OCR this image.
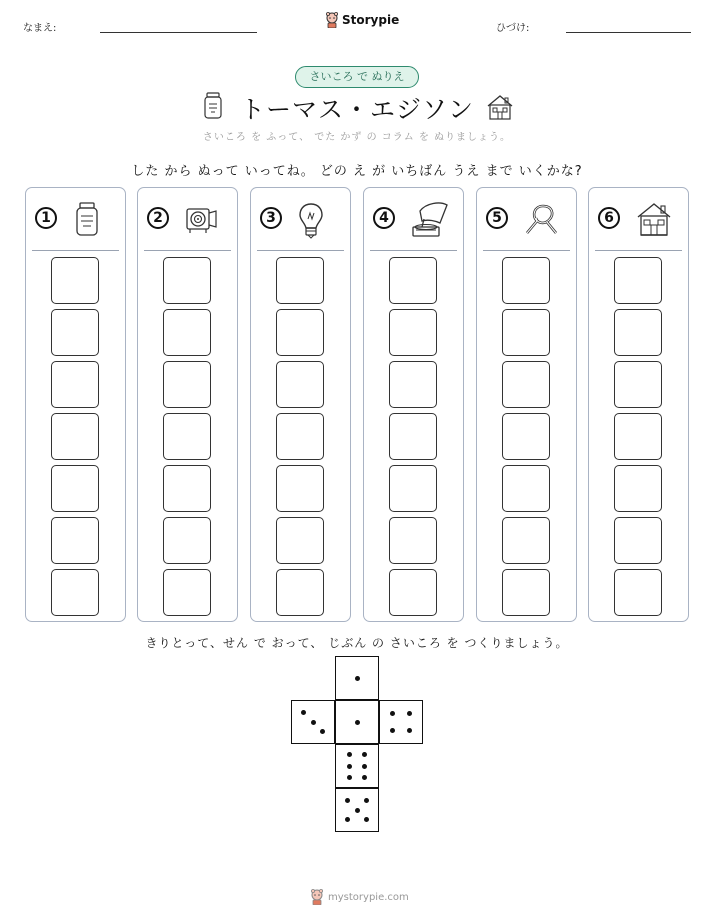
なまえ:
Storypie
ひづけ:
さいころ で ぬりえ
トーマス・エジソン
さいころ を ふって、 でた かず の コラム を ぬりましょう。
した から ぬって いってね。 どの え が いちばん うえ まで いくかな?
1	2	3	4	5	6
きりとって、せん で おって、 じぶん の さいころ を つくりましょう。
mystorypie.com
